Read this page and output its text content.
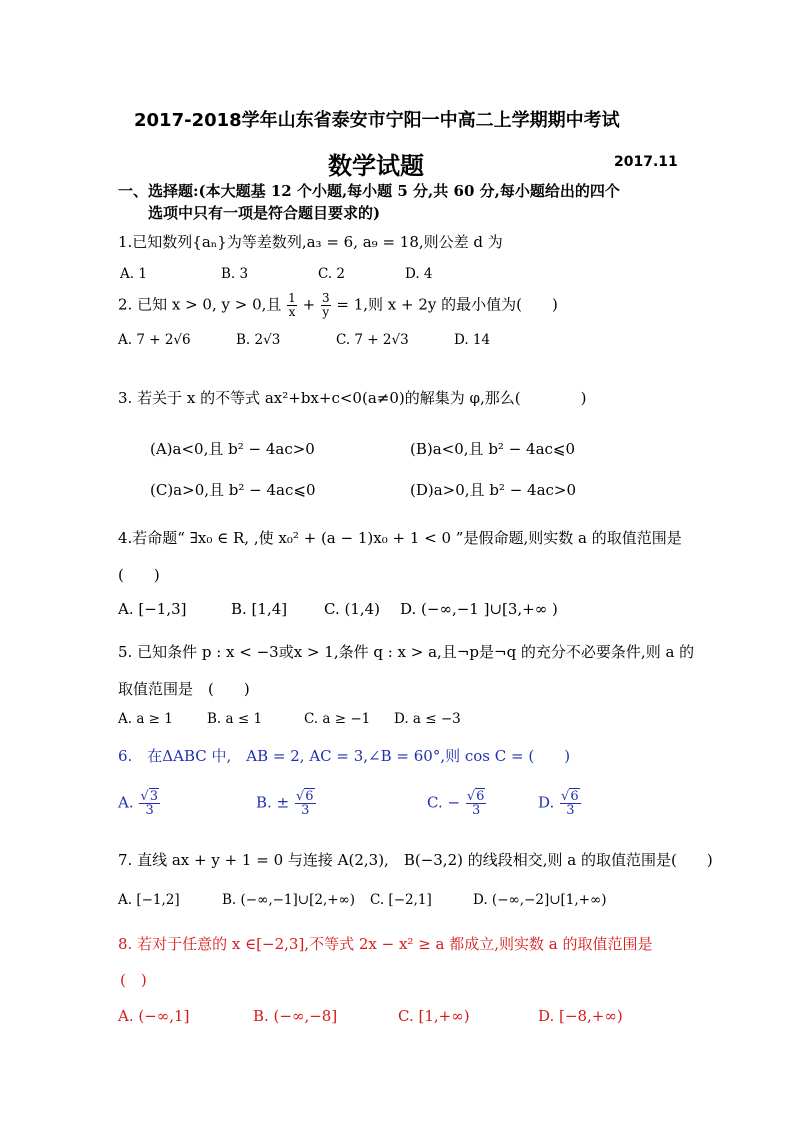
2017-2018学年山东省泰安市宁阳一中高二上学期期中考试
数学试题	2017.11
一、选择题:(本大题基 12 个小题,每小题 5 分,共 60 分,每小题给出的四个
选项中只有一项是符合题目要求的)
1.已知数列{aₙ}为等差数列,a₃ = 6, a₉ = 18,则公差 d 为
A. 1	B. 3	C. 2	D. 4
2. 已知 x > 0, y > 0,且 $\frac{1}{x} + \frac{3}{y} = 1$,则 x + 2y 的最小值为(　　)
A. 7 + 2√6	B. 2√3	C. 7 + 2√3	D. 14
3. 若关于 x 的不等式 ax²+bx+c<0(a≠0)的解集为 φ,那么(　　　　)
(A)a<0,且 b² − 4ac>0	(B)a<0,且 b² − 4ac⩽0
(C)a>0,且 b² − 4ac⩽0	(D)a>0,且 b² − 4ac>0
4.若命题“ ∃x₀ ∈ R, ,使 x₀² + (a − 1)x₀ + 1 < 0 ”是假命题,则实数 a 的取值范围是
(　　)
A. [−1,3]	B. [1,4] C. (1,4) D. (−∞,−1 ]∪[3,+∞ )
5. 已知条件 p : x < −3或x > 1,条件 q : x > a,且¬p是¬q 的充分不必要条件,则 a 的
取值范围是　(　　)
A. a ≥ 1	B. a ≤ 1	C. a ≥ −1 D. a ≤ −3
6.　在ΔABC 中,　AB = 2, AC = 3,∠B = 60°,则 cos C = (　　)
A. $\frac{√3}{3}$	B. ± $\frac{√6}{3}$	C. − $\frac{√6}{3}$	D. $\frac{√6}{3}$
7. 直线 ax + y + 1 = 0 与连接 A(2,3),　B(−3,2) 的线段相交,则 a 的取值范围是(　　)
A. [−1,2]	B. (−∞,−1]∪[2,+∞) C. [−2,1]	D. (−∞,−2]∪[1,+∞)
8. 若对于任意的 x ∈[−2,3],不等式 2x − x² ≥ a 都成立,则实数 a 的取值范围是
(　)
A. (−∞,1]	B. (−∞,−8]	C. [1,+∞)	D. [−8,+∞)
